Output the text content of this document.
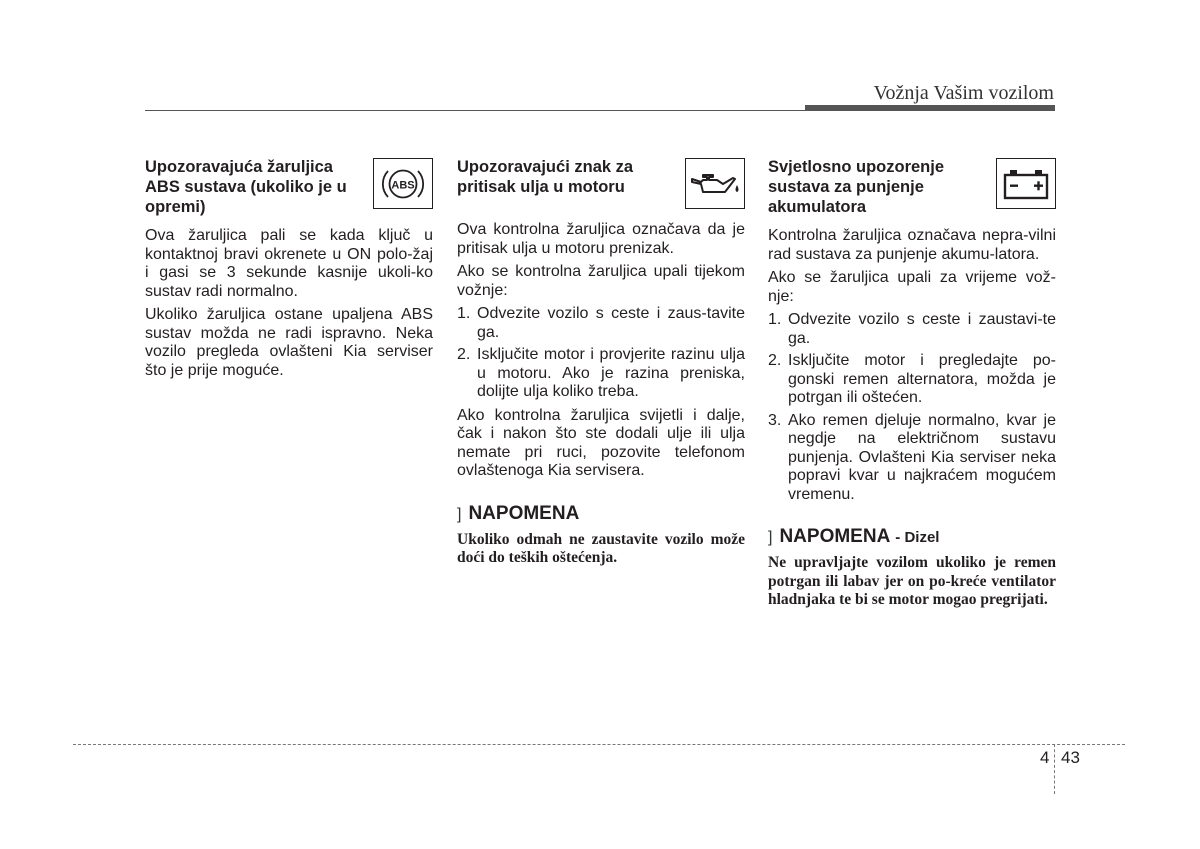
Vožnja Vašim vozilom
Upozoravajuća žaruljica ABS sustava (ukoliko je u opremi)
ABS

Ova žaruljica pali se kada ključ u kontaktnoj bravi okrenete u ON polo-žaj i gasi se 3 sekunde kasnije ukoli-ko sustav radi normalno.

Ukoliko žaruljica ostane upaljena ABS sustav možda ne radi ispravno. Neka vozilo pregleda ovlašteni Kia serviser što je prije moguće.

Upozoravajući znak za pritisak ulja u motoru

Ova kontrolna žaruljica označava da je pritisak ulja u motoru prenizak.

Ako se kontrolna žaruljica upali tijekom vožnje:

1. Odvezite vozilo s ceste i zaus-tavite ga.
2. Isključite motor i provjerite razinu ulja u motoru. Ako je razina preniska, dolijte ulja koliko treba.

Ako kontrolna žaruljica svijetli i dalje, čak i nakon što ste dodali ulje ili ulja nemate pri ruci, pozovite telefonom ovlaštenoga Kia servisera.

] NAPOMENA

Ukoliko odmah ne zaustavite vozilo može doći do teških oštećenja.

Svjetlosno upozorenje sustava za punjenje akumulatora

Kontrolna žaruljica označava nepra-vilni rad sustava za punjenje akumu-latora.

Ako se žaruljica upali za vrijeme vož-nje:

1. Odvezite vozilo s ceste i zaustavi-te ga.
2. Isključite motor i pregledajte po-gonski remen alternatora, možda je potrgan ili oštećen.
3. Ako remen djeluje normalno, kvar je negdje na električnom sustavu punjenja. Ovlašteni Kia serviser neka popravi kvar u najkraćem mogućem vremenu.
] NAPOMENA - Dizel

Ne upravljajte vozilom ukoliko je remen potrgan ili labav jer on po-kreće ventilator hladnjaka te bi se motor mogao pregrijati.

4 43
